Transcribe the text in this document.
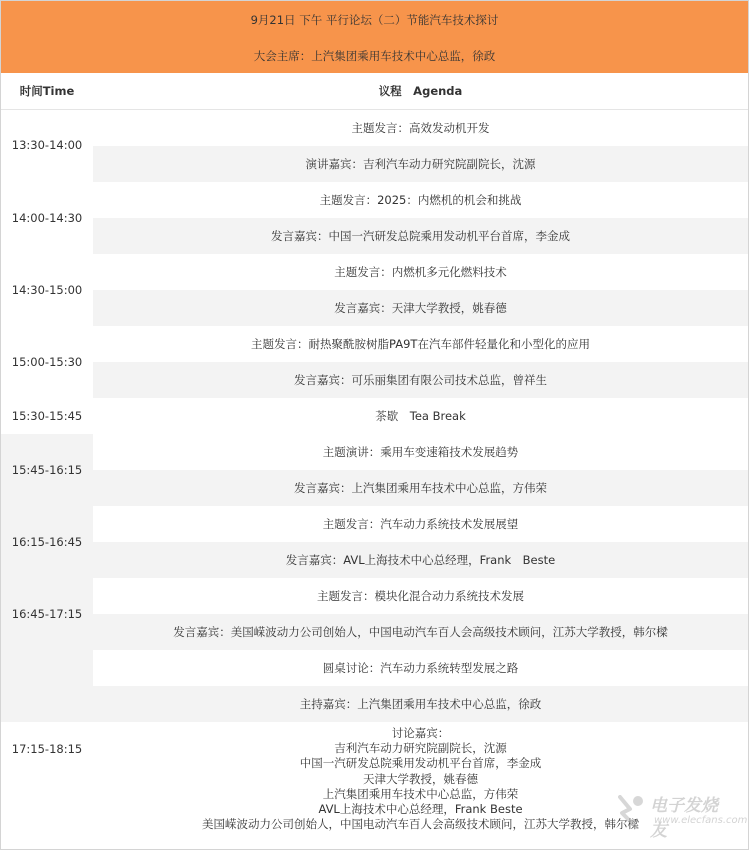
9月21日 下午 平行论坛（二）节能汽车技术探讨
大会主席：上汽集团乘用车技术中心总监，徐政
时间Time	议程　Agenda
13:30-14:00
主题发言：高效发动机开发
演讲嘉宾：吉利汽车动力研究院副院长，沈源
14:00-14:30
主题发言：2025：内燃机的机会和挑战
发言嘉宾：中国一汽研发总院乘用发动机平台首席，李金成
14:30-15:00
主题发言：内燃机多元化燃料技术
发言嘉宾：天津大学教授，姚春德
15:00-15:30
主题发言：耐热聚酰胺树脂PA9T在汽车部件轻量化和小型化的应用
发言嘉宾：可乐丽集团有限公司技术总监，曾祥生
15:30-15:45	茶歇　Tea Break
15:45-16:15
主题演讲：乘用车变速箱技术发展趋势
发言嘉宾：上汽集团乘用车技术中心总监，方伟荣
16:15-16:45
主题发言：汽车动力系统技术发展展望
发言嘉宾：AVL上海技术中心总经理，Frank　Beste
16:45-17:15
主题发言：模块化混合动力系统技术发展
发言嘉宾：美国嵘波动力公司创始人，中国电动汽车百人会高级技术顾问，江苏大学教授，韩尔樑
17:15-18:15
圆桌讨论：汽车动力系统转型发展之路
主持嘉宾：上汽集团乘用车技术中心总监，徐政
讨论嘉宾：
吉利汽车动力研究院副院长，沈源
中国一汽研发总院乘用发动机平台首席，李金成
天津大学教授，姚春德
上汽集团乘用车技术中心总监，方伟荣
AVL上海技术中心总经理，Frank Beste
美国嵘波动力公司创始人，中国电动汽车百人会高级技术顾问，江苏大学教授，韩尔樑
电子发烧友
www.elecfans.com
